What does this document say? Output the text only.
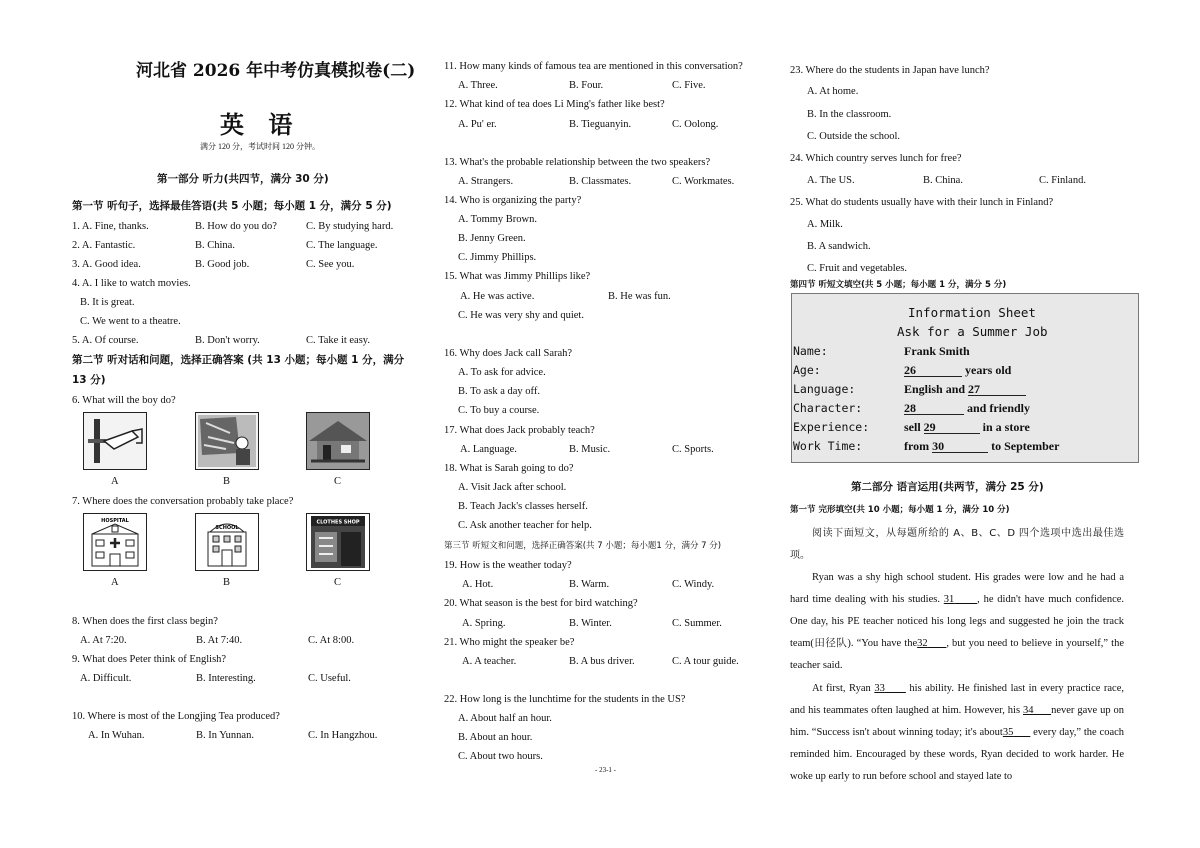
河北省 2026 年中考仿真模拟卷(二)
英 语
满分 120 分，考试时间 120 分钟。
第一部分 听力(共四节，满分 30 分)
第一节 听句子，选择最佳答语(共 5 小题；每小题 1 分，满分 5 分)
1. A. Fine, thanks.	B. How do you do?	C. By studying hard.
2. A. Fantastic.	B. China.	C. The language.
3. A. Good idea.	B. Good job.	C. See you.
4. A. I like to watch movies.
B. It is great.
C. We went to a theatre.
5. A. Of course.	B. Don't worry.	C. Take it easy.
第二节 听对话和问题，选择正确答案 (共 13 小题；每小题 1 分，满分
13 分)
6. What will the boy do?
A	B	C
7. Where does the conversation probably take place?
HOSPITAL
SCHOOL
CLOTHES SHOP
A	B	C
8. When does the first class begin?
A. At 7:20.	B. At 7:40.	C. At 8:00.
9. What does Peter think of English?
A. Difficult.	B. Interesting.	C. Useful.
10. Where is most of the Longjing Tea produced?
A. In Wuhan.	B. In Yunnan.	C. In Hangzhou.
11. How many kinds of famous tea are mentioned in this conversation?
A. Three.	B. Four.	C. Five.
12. What kind of tea does Li Ming's father like best?
A. Pu' er.	B. Tieguanyin.	C. Oolong.
13. What's the probable relationship between the two speakers?
A. Strangers.	B. Classmates.	C. Workmates.
14. Who is organizing the party?
A. Tommy Brown.
B. Jenny Green.
C. Jimmy Phillips.
15. What was Jimmy Phillips like?
A. He was active.	B. He was fun.
C. He was very shy and quiet.
16. Why does Jack call Sarah?
A. To ask for advice.
B. To ask a day off.
C. To buy a course.
17. What does Jack probably teach?
A. Language.	B. Music.	C. Sports.
18. What is Sarah going to do?
A. Visit Jack after school.
B. Teach Jack's classes herself.
C. Ask another teacher for help.
第三节 听短文和问题，选择正确答案(共 7 小题；每小题1 分，满分 7 分)
19. How is the weather today?
A. Hot.	B. Warm.	C. Windy.
20. What season is the best for bird watching?
A. Spring.	B. Winter.	C. Summer.
21. Who might the speaker be?
A. A teacher.	B. A bus driver.	C. A tour guide.
22. How long is the lunchtime for the students in the US?
A. About half an hour.
B. About an hour.
C. About two hours.
- 23-1 -
23. Where do the students in Japan have lunch?
A. At home.
B. In the classroom.
C. Outside the school.
24. Which country serves lunch for free?
A. The US.	B. China.	C. Finland.
25. What do students usually have with their lunch in Finland?
A. Milk.
B. A sandwich.
C. Fruit and vegetables.
第四节 听短文填空(共 5 小题；每小题 1 分，满分 5 分)
Information Sheet
Ask for a Summer Job
Name:	Frank Smith
Age:	26	years old
Language:	English and 27
Character:	28	and friendly
Experience:	sell 29	in a store
Work Time:	from 30	to September
第二部分 语言运用(共两节，满分 25 分)
第一节 完形填空(共 10 小题；每小题 1 分，满分 10 分)
阅读下面短文，从每题所给的 A、B、C、D 四个选项中选出最佳选项。
Ryan was a shy high school student. His grades were low and he had a hard time dealing with his studies. 31 , he didn't have much confidence. One day, his PE teacher noticed his long legs and suggested he join the track team(田径队). “You have the32 , but you need to believe in yourself,” the teacher said.
At first, Ryan 33 his ability. He finished last in every practice race, and his teammates often laughed at him. However, his 34 never gave up on him. “Success isn't about winning today; it's about35 every day,” the coach reminded him. Encouraged by these words, Ryan decided to work harder. He woke up early to run before school and stayed late to
